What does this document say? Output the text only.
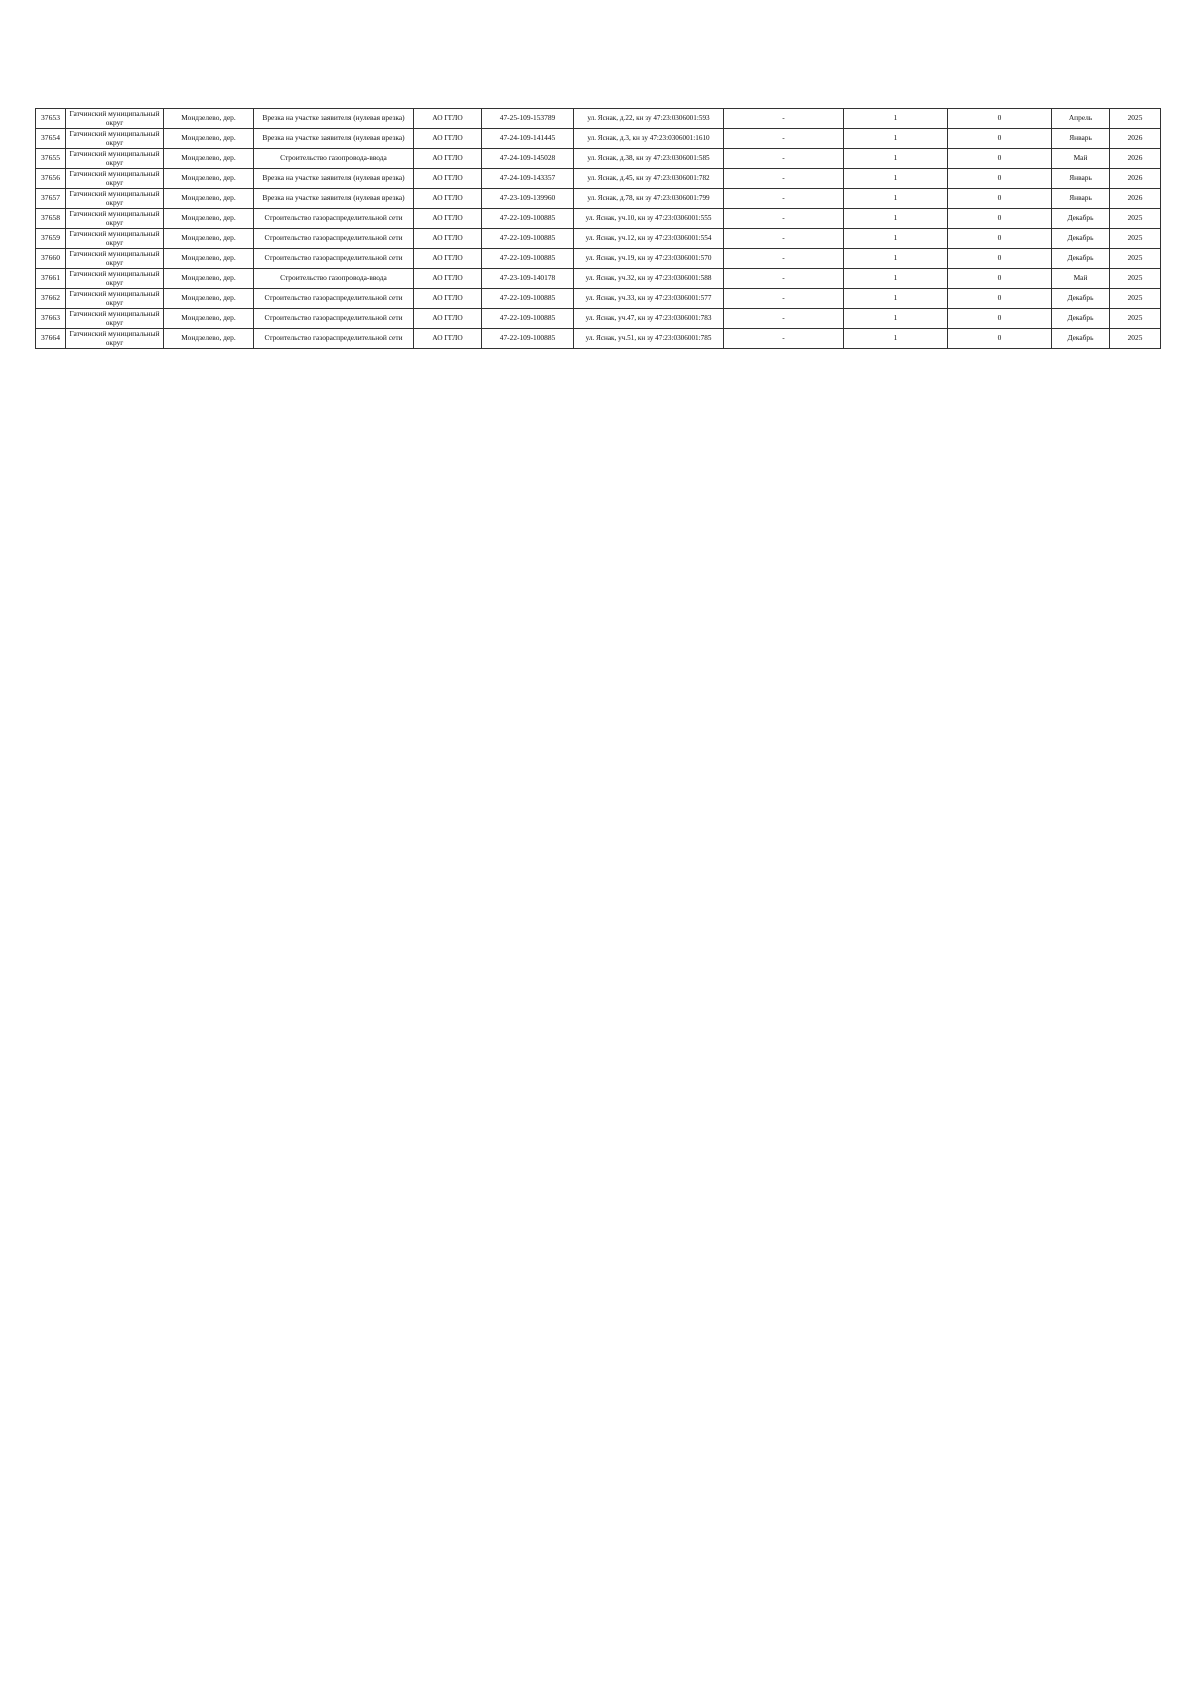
37653	Гатчинский муниципальный округ	Мондзелево, дер.	Врезка на участке заявителя (нулевая врезка)	АО ГГЛО	47-25-109-153789	ул. Яснак, д.22, кн зу 47:23:0306001:593	-	1	0	Апрель	2025
37654	Гатчинский муниципальный округ	Мондзелево, дер.	Врезка на участке заявителя (нулевая врезка)	АО ГГЛО	47-24-109-141445	ул. Яснак, д.3, кн зу 47:23:0306001:1610	-	1	0	Январь	2026
37655	Гатчинский муниципальный округ	Мондзелево, дер.	Строительство газопровода-ввода	АО ГГЛО	47-24-109-145028	ул. Яснак, д.38, кн зу 47:23:0306001:585	-	1	0	Май	2026
37656	Гатчинский муниципальный округ	Мондзелево, дер.	Врезка на участке заявителя (нулевая врезка)	АО ГГЛО	47-24-109-143357	ул. Яснак, д.45, кн зу 47:23:0306001:782	-	1	0	Январь	2026
37657	Гатчинский муниципальный округ	Мондзелево, дер.	Врезка на участке заявителя (нулевая врезка)	АО ГГЛО	47-23-109-139960	ул. Яснак, д.78, кн зу 47:23:0306001:799	-	1	0	Январь	2026
37658	Гатчинский муниципальный округ	Мондзелево, дер.	Строительство газораспределительной сети	АО ГГЛО	47-22-109-100885	ул. Яснак, уч.10, кн зу 47:23:0306001:555	-	1	0	Декабрь	2025
37659	Гатчинский муниципальный округ	Мондзелево, дер.	Строительство газораспределительной сети	АО ГГЛО	47-22-109-100885	ул. Яснак, уч.12, кн зу 47:23:0306001:554	-	1	0	Декабрь	2025
37660	Гатчинский муниципальный округ	Мондзелево, дер.	Строительство газораспределительной сети	АО ГГЛО	47-22-109-100885	ул. Яснак, уч.19, кн зу 47:23:0306001:570	-	1	0	Декабрь	2025
37661	Гатчинский муниципальный округ	Мондзелево, дер.	Строительство газопровода-ввода	АО ГГЛО	47-23-109-140178	ул. Яснак, уч.32, кн зу 47:23:0306001:588	-	1	0	Май	2025
37662	Гатчинский муниципальный округ	Мондзелево, дер.	Строительство газораспределительной сети	АО ГГЛО	47-22-109-100885	ул. Яснак, уч.33, кн зу 47:23:0306001:577	-	1	0	Декабрь	2025
37663	Гатчинский муниципальный округ	Мондзелево, дер.	Строительство газораспределительной сети	АО ГГЛО	47-22-109-100885	ул. Яснак, уч.47, кн зу 47:23:0306001:783	-	1	0	Декабрь	2025
37664	Гатчинский муниципальный округ	Мондзелево, дер.	Строительство газораспределительной сети	АО ГГЛО	47-22-109-100885	ул. Яснак, уч.51, кн зу 47:23:0306001:785	-	1	0	Декабрь	2025
